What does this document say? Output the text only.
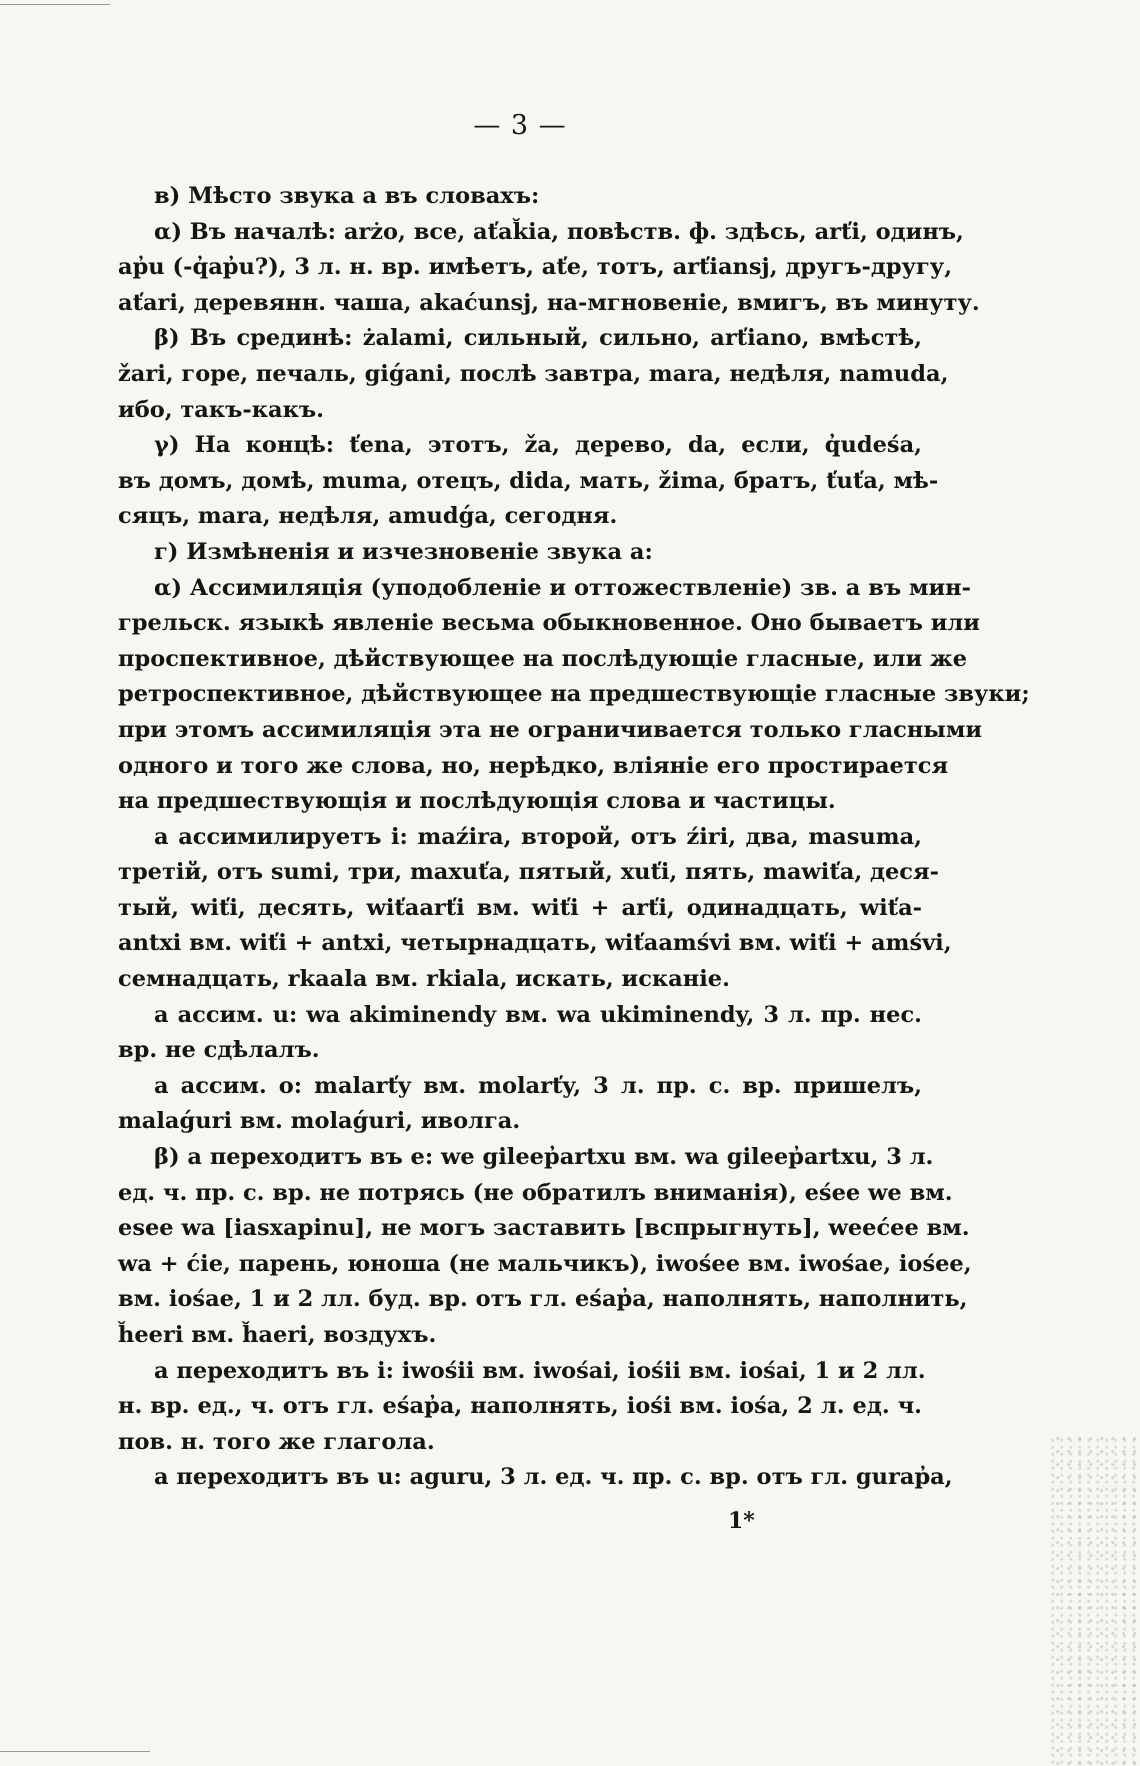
— 3 —
в) Мѣсто звука a въ словахъ:
α) Въ началѣ: arżo, все, aťaǩia, повѣств. ф. здѣсь, arťi, одинъ,
ap̓u (-q̓ap̓u?), 3 л. н. вр. имѣетъ, aťe, тотъ, arťiansj, другъ-другу,
aťari, деревянн. чаша, akaćunsj, на-мгновеніе, вмигъ, въ минуту.
β) Въ срединѣ: żalami, сильный, сильно, arťiano, вмѣстѣ,
žari, горе, печаль, giǵani, послѣ завтра, mara, недѣля, namuda,
ибо, такъ-какъ.
γ) На концѣ: ťena, этотъ, ža, дерево, da, если, q̓udeśa,
въ домъ, домѣ, muma, отецъ, dida, мать, žima, братъ, ťuťa, мѣ-
сяцъ, mara, недѣля, amudǵa, сегодня.
г) Измѣненія и изчезновеніе звука a:
α) Ассимиляція (уподобленіе и оттожествленіе) зв. a въ мин-
грельск. языкѣ явленіе весьма обыкновенное. Оно бываетъ или
проспективное, дѣйствующее на послѣдующіе гласные, или же
ретроспективное, дѣйствующее на предшествующіе гласные звуки;
при этомъ ассимиляція эта не ограничивается только гласными
одного и того же слова, но, нерѣдко, вліяніе его простирается
на предшествующія и послѣдующія слова и частицы.
a ассимилируетъ i: maźira, второй, отъ źiri, два, masuma,
третій, отъ sumi, три, maxuťa, пятый, xuťi, пять, mawiťa, деся-
тый, wiťi, десять, wiťaarťi вм. wiťi + arťi, одинадцать, wiťa-
antxi вм. wiťi + antxi, четырнадцать, wiťaamśvi вм. wiťi + amśvi,
семнадцать, rkaala вм. rkiala, искать, исканіе.
a ассим. u: wa akiminendy вм. wa ukiminendy, 3 л. пр. нес.
вр. не сдѣлалъ.
a ассим. o: malarťy вм. molarťy, 3 л. пр. с. вр. пришелъ,
malaǵuri вм. molaǵuri, иволга.
β) a переходитъ въ e: we gileep̓artxu вм. wa gileep̓artxu, 3 л.
ед. ч. пр. с. вр. не потрясь (не обратилъ вниманія), eśee we вм.
esee wa [iasxapinu], не могъ заставить [вспрыгнуть], weećee вм.
wa + ćie, парень, юноша (не мальчикъ), iwośee вм. iwośae, iośee,
вм. iośae, 1 и 2 лл. буд. вр. отъ гл. eśap̓a, наполнять, наполнить,
ȟeeri вм. ȟaeri, воздухъ.
a переходитъ въ i: iwośii вм. iwośai, iośii вм. iośai, 1 и 2 лл.
н. вр. ед., ч. отъ гл. eśap̓a, наполнять, iośi вм. iośa, 2 л. ед. ч.
пов. н. того же глагола.
a переходитъ въ u: aguru, 3 л. ед. ч. пр. с. вр. отъ гл. gurap̓a,
1*
